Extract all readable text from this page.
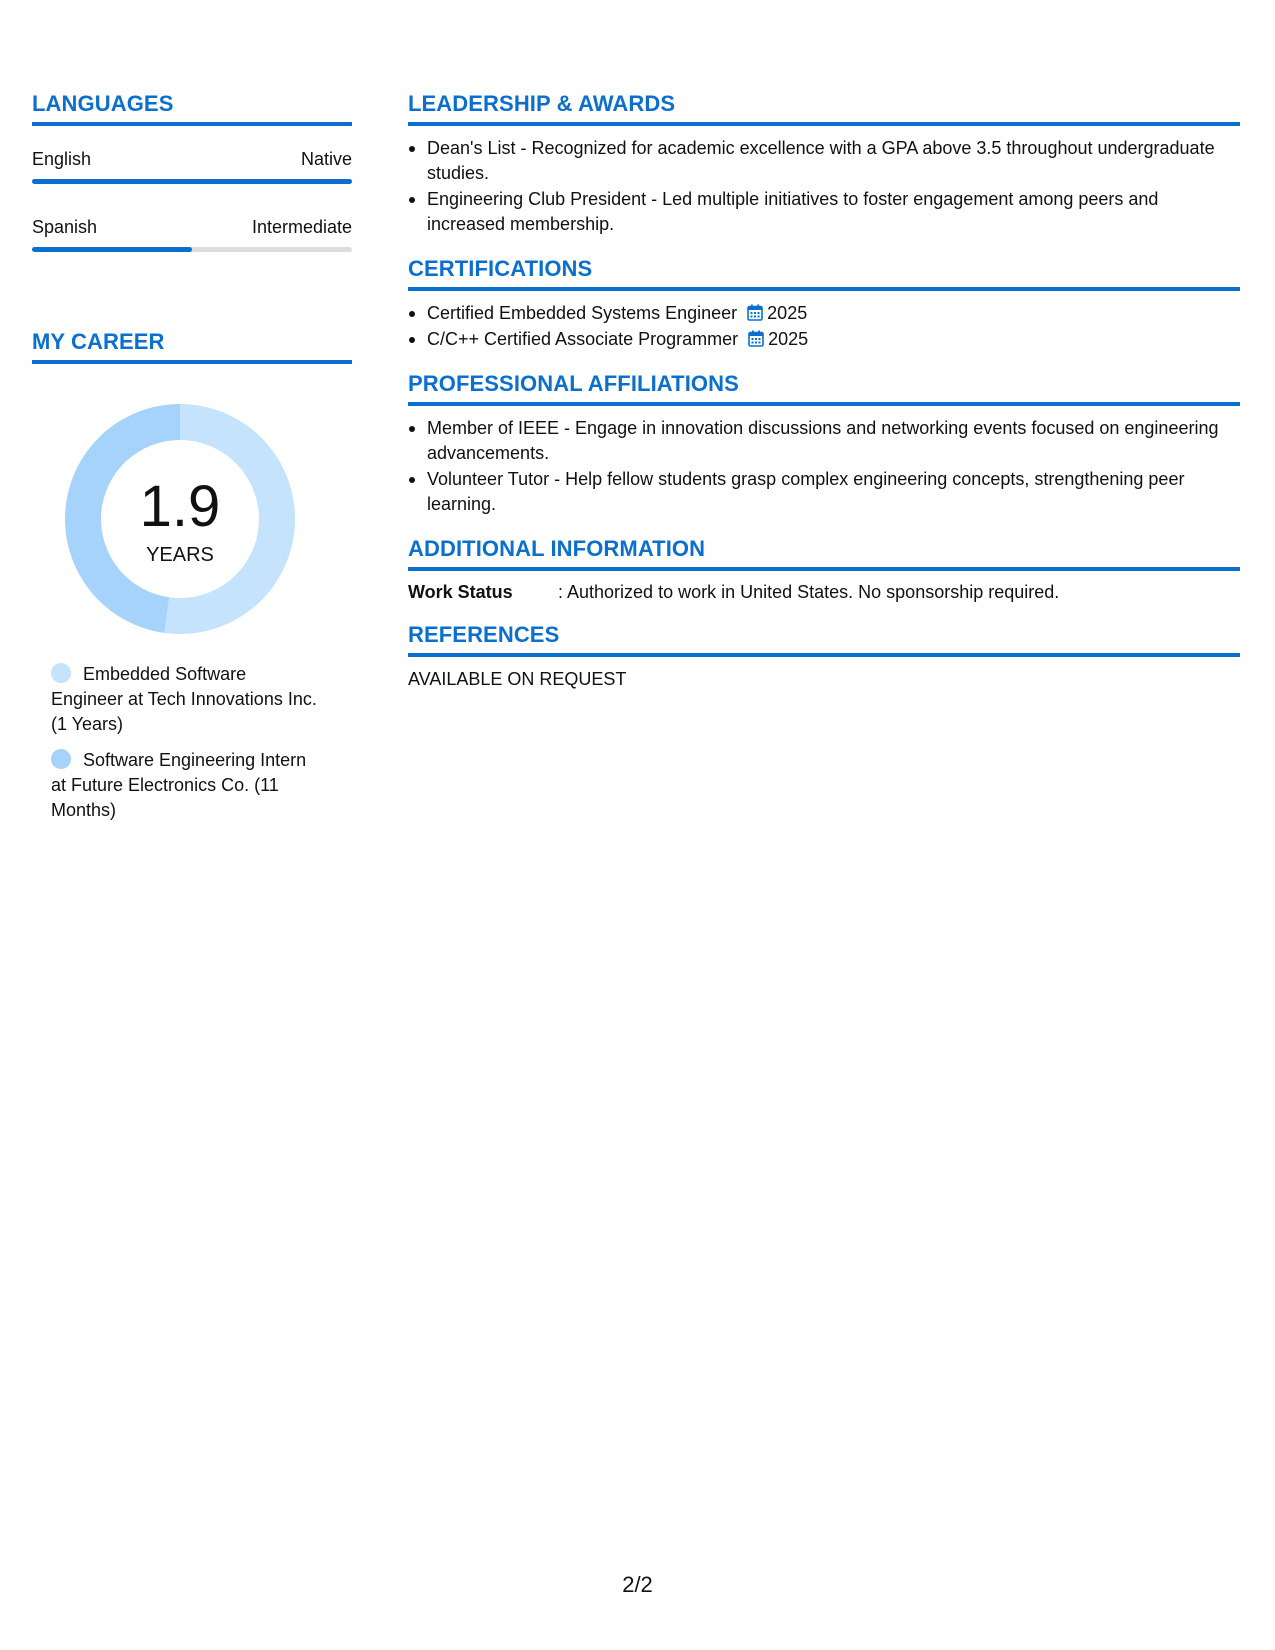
LANGUAGES
English	Native
Spanish	Intermediate
MY CAREER
1.9
YEARS
Embedded Software Engineer at Tech Innovations Inc. (1 Years)
Software Engineering Intern at Future Electronics Co. (11 Months)
LEADERSHIP & AWARDS
Dean's List - Recognized for academic excellence with a GPA above 3.5 throughout undergraduate studies.
Engineering Club President - Led multiple initiatives to foster engagement among peers and increased membership.
CERTIFICATIONS
Certified Embedded Systems Engineer 2025
C/C++ Certified Associate Programmer 2025
PROFESSIONAL AFFILIATIONS
Member of IEEE - Engage in innovation discussions and networking events focused on engineering advancements.
Volunteer Tutor - Help fellow students grasp complex engineering concepts, strengthening peer learning.
ADDITIONAL INFORMATION
Work Status	: Authorized to work in United States. No sponsorship required.
REFERENCES
AVAILABLE ON REQUEST
2/2
